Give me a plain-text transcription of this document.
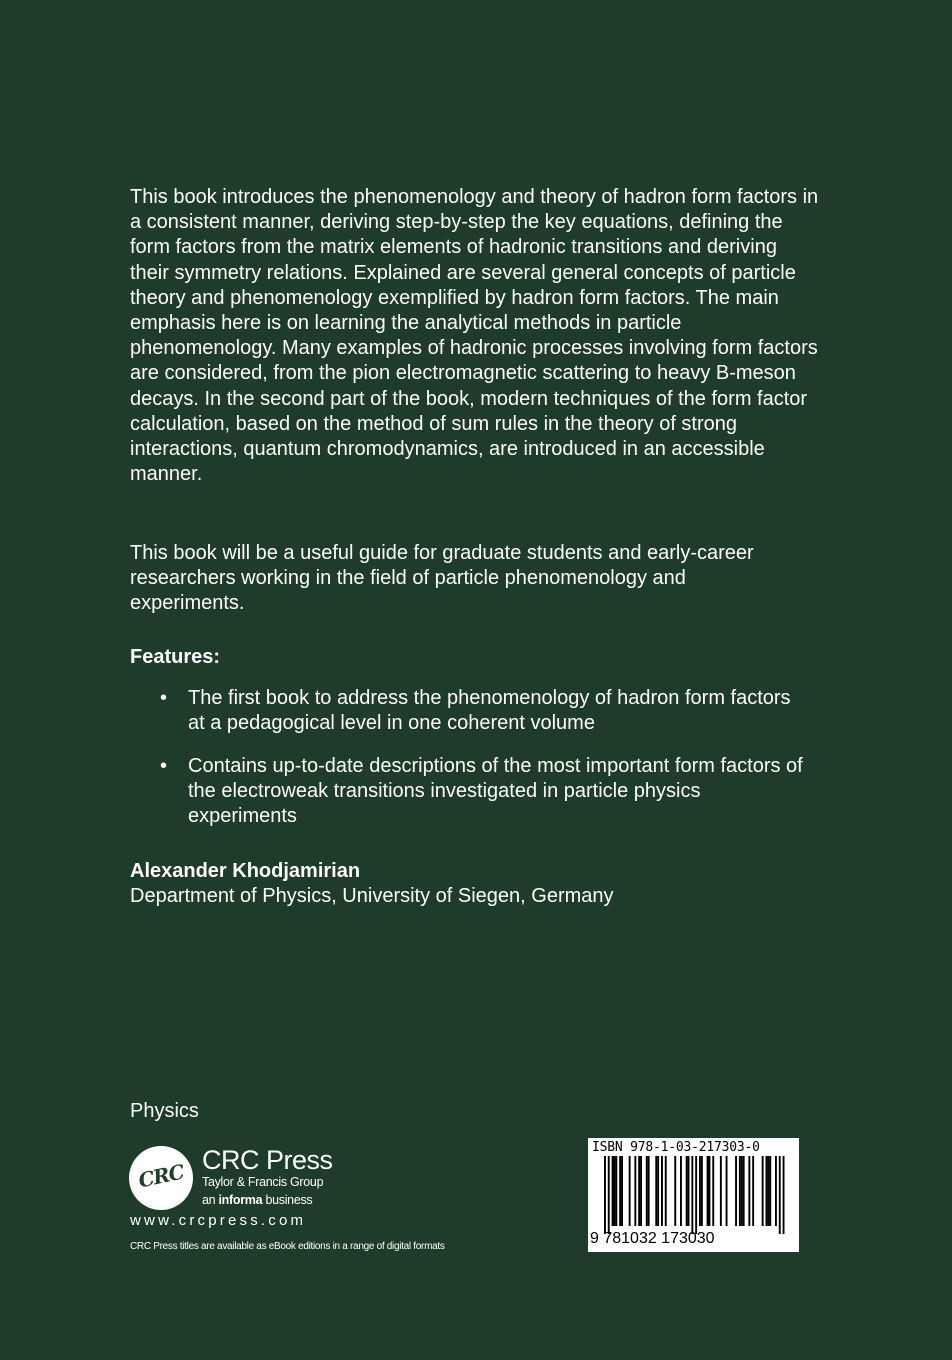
This book introduces the phenomenology and theory of hadron form factors in a consistent manner, deriving step-by-step the key equations, defining the form factors from the matrix elements of hadronic transitions and deriving their symmetry relations. Explained are several general concepts of particle theory and phenomenology exemplified by hadron form factors. The main emphasis here is on learning the analytical methods in particle phenomenology. Many examples of hadronic processes involving form factors are considered, from the pion electromagnetic scattering to heavy B-meson decays. In the second part of the book, modern techniques of the form factor calculation, based on the method of sum rules in the theory of strong interactions, quantum chromodynamics, are introduced in an accessible manner.

This book will be a useful guide for graduate students and early-career researchers working in the field of particle phenomenology and experiments.

Features:
• The first book to address the phenomenology of hadron form factors at a pedagogical level in one coherent volume
• Contains up-to-date descriptions of the most important form factors of the electroweak transitions investigated in particle physics experiments
Alexander Khodjamirian
Department of Physics, University of Siegen, Germany
Physics
CRC CRC Press
Taylor & Francis Group
an informa business
www.crcpress.com
CRC Press titles are available as eBook editions in a range of digital formats
ISBN 978-1-03-217303-0
9 781032 173030
